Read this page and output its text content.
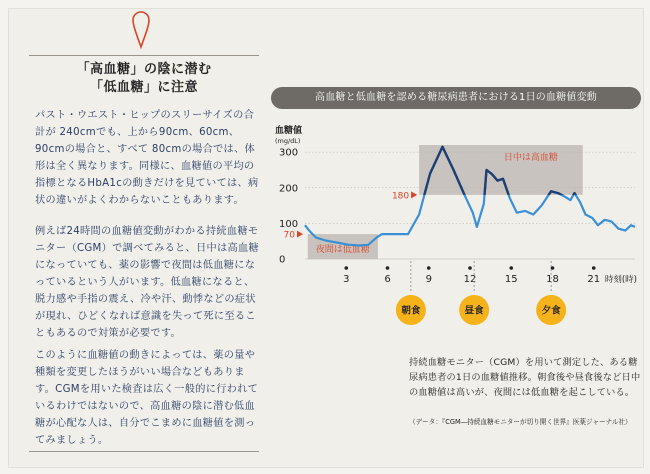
「高血糖」の陰に潜む
「低血糖」に注意
パスト・ウエスト・ヒップのスリーサイズの合計が 240cmでも、上から90cm、60cm、90cmの場合と、すべて 80cmの場合では、体形は全く異なります。同様に、血糖値の平均の指標となるHbA1cの動きだけを見ていては、病状の違いがよくわからないこともあります。
例えば24時間の血糖値変動がわかる持続血糖モニター（CGM）で調べてみると、日中は高血糖になっていても、薬の影響で夜間は低血糖になっているという人がいます。低血糖になると、脱力感や手指の震え、冷や汗、動悸などの症状が現れ、ひどくなれば意識を失って死に至ることもあるので対策が必要です。
このように血糖値の動きによっては、薬の量や種類を変更したほうがいい場合などもあります。CGMを用いた検査は広く一般的に行われているわけではないので、高血糖の陰に潜む低血糖が心配な人は、自分でこまめに血糖値を測ってみましょう。
高血糖と低血糖を認める糖尿病患者における1日の血糖値変動
血糖値
(mg/dL)
0
100
200
300	日中は高血糖
夜間は低血糖
70
180
3	6	9	12	15	18	21 時刻(時)
朝食	昼食	夕食
持続血糖モニター（CGM）を用いて測定した、ある糖尿病患者の1日の血糖値推移。朝食後や昼食後など日中の血糖値は高いが、夜間には低血糖を起こしている。
（データ：『CGM―持続血糖モニターが切り開く世界』医薬ジャーナル社）
